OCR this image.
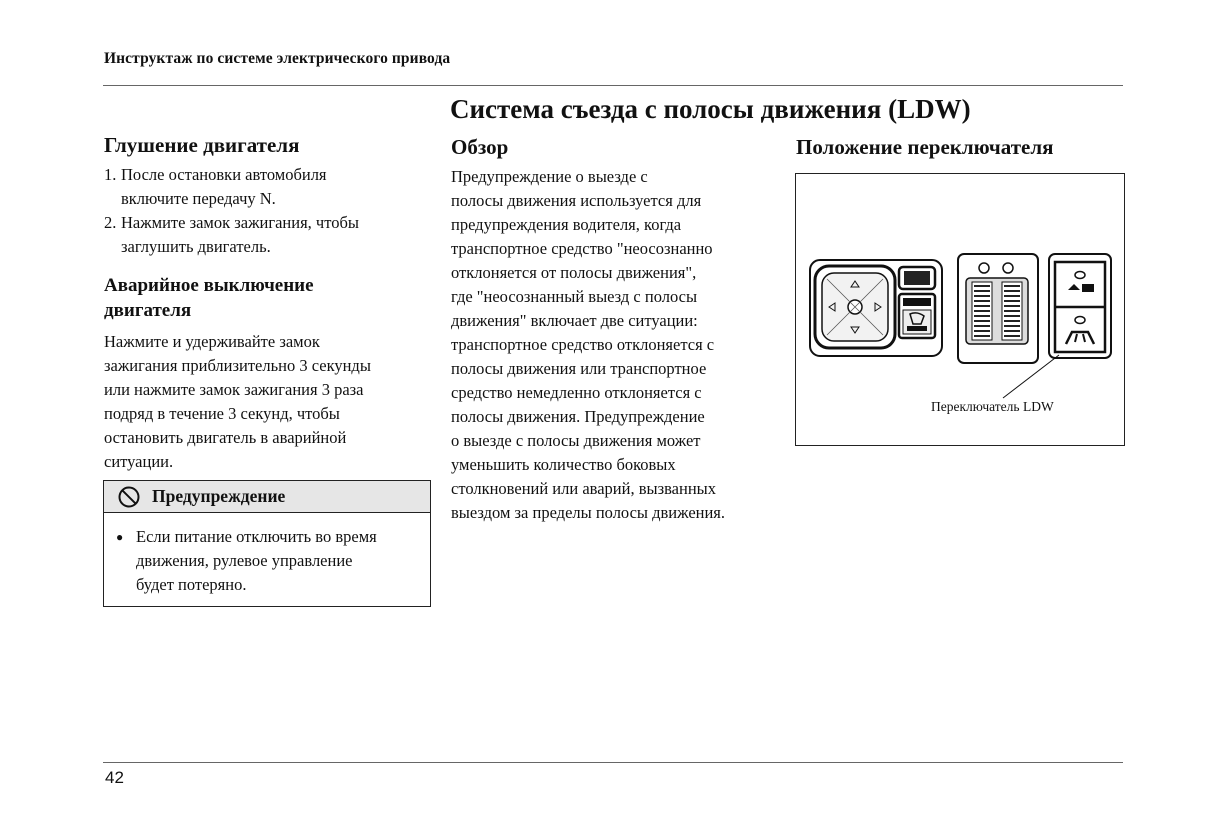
Инструктаж по системе электрического привода
Система съезда с полосы движения (LDW)
Глушение двигателя
1. После остановки автомобиля
включите передачу N.
2. Нажмите замок зажигания, чтобы
заглушить двигатель.
Аварийное выключение
двигателя
Нажмите и удерживайте замок
зажигания приблизительно 3 секунды
или нажмите замок зажигания 3 раза
подряд в течение 3 секунд, чтобы
остановить двигатель в аварийной
ситуации.
Предупреждение
● Если питание отключить во время
движения, рулевое управление
будет потеряно.
Обзор
Предупреждение о выезде с
полосы движения используется для
предупреждения водителя, когда
транспортное средство "неосознанно
отклоняется от полосы движения",
где "неосознанный выезд с полосы
движения" включает две ситуации:
транспортное средство отклоняется с
полосы движения или транспортное
средство немедленно отклоняется с
полосы движения. Предупреждение
о выезде с полосы движения может
уменьшить количество боковых
столкновений или аварий, вызванных
выездом за пределы полосы движения.
Положение переключателя
Переключатель LDW
42
